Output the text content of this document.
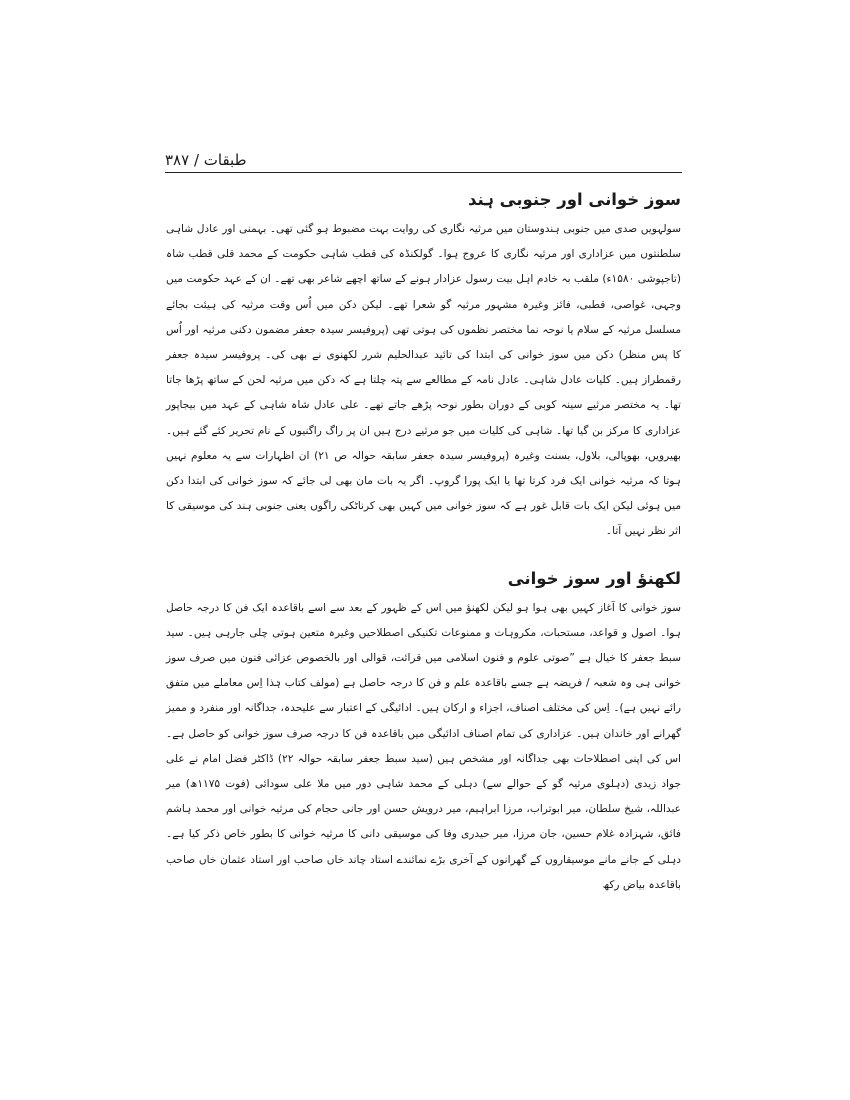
طبقات / ۳۸۷
سوز خوانی اور جنوبی ہند

سولہویں صدی میں جنوبی ہندوستان میں مرثیہ نگاری کی روایت بہت مضبوط ہو گئی تھی۔ بہمنی اور عادل شاہی سلطنتوں میں عزاداری اور مرثیہ نگاری کا عروج ہوا۔ گولکنڈہ کی قطب شاہی حکومت کے محمد قلی قطب شاہ (تاجپوشی ۱۵۸۰ء) ملقب بہ خادم اہل بیت رسول عزادار ہونے کے ساتھ اچھے شاعر بھی تھے۔ ان کے عہد حکومت میں وجہی، غواصی، قطبی، فائز وغیرہ مشہور مرثیہ گو شعرا تھے۔ لیکن دکن میں اُس وقت مرثیہ کی ہیئت بجائے مسلسل مرثیہ کے سلام یا نوحہ نما مختصر نظموں کی ہوتی تھی (پروفیسر سیدہ جعفر مضمون دکنی مرثیہ اور اُس کا پس منظر) دکن میں سوز خوانی کی ابتدا کی تائید عبدالحلیم شرر لکھنوی نے بھی کی۔ پروفیسر سیدہ جعفر رقمطراز ہیں۔ کلیات عادل شاہی۔ عادل نامہ کے مطالعے سے پتہ چلتا ہے کہ دکن میں مرثیہ لحن کے ساتھ پڑھا جاتا تھا۔ یہ مختصر مرثیے سینہ کوبی کے دوران بطور نوحہ پڑھے جاتے تھے۔ علی عادل شاہ شاہی کے عہد میں بیجاپور عزاداری کا مرکز بن گیا تھا۔ شاہی کی کلیات میں جو مرثیے درج ہیں ان پر راگ راگنیوں کے نام تحریر کئے گئے ہیں۔ بھیرویں، بھوپالی، بلاول، بسنت وغیرہ (پروفیسر سیدہ جعفر سابقہ حوالہ ص ۲۱) ان اظہارات سے یہ معلوم نہیں ہوتا کہ مرثیہ خوانی ایک فرد کرتا تھا یا ایک پورا گروپ۔ اگر یہ بات مان بھی لی جائے کہ سوز خوانی کی ابتدا دکن میں ہوئی لیکن ایک بات قابل غور ہے کہ سوز خوانی میں کہیں بھی کرناٹکی راگوں یعنی جنوبی ہند کی موسیقی کا اثر نظر نہیں آتا۔

لکھنؤ اور سوز خوانی

سوز خوانی کا آغاز کہیں بھی ہوا ہو لیکن لکھنؤ میں اس کے ظہور کے بعد سے اسے باقاعدہ ایک فن کا درجہ حاصل ہوا۔ اصول و قواعد، مستحبات، مکروہات و ممنوعات تکنیکی اصطلاحیں وغیرہ متعین ہوتی چلی جارہی ہیں۔ سید سبط جعفر کا خیال ہے ”صوتی علوم و فنون اسلامی میں قرائت، قوالی اور بالخصوص عزائی فنون میں صرف سوز خوانی ہی وہ شعبہ / فریضہ ہے جسے باقاعدہ علم و فن کا درجہ حاصل ہے (مولف کتاب ہٰذا اِس معاملے میں متفق رائے نہیں ہے)۔ اِس کی مختلف اصناف، اجزاء و ارکان ہیں۔ ادائیگی کے اعتبار سے علیحدہ، جداگانہ اور منفرد و ممیز گھرانے اور خاندان ہیں۔ عزاداری کی تمام اصناف ادائیگی میں باقاعدہ فن کا درجہ صرف سوز خوانی کو حاصل ہے۔ اس کی اپنی اصطلاحات بھی جداگانہ اور مشخص ہیں (سید سبط جعفر سابقہ حوالہ ۲۲) ڈاکٹر فضل امام نے علی جواد زیدی (دہلوی مرثیہ گو کے حوالے سے) دہلی کے محمد شاہی دور میں ملا علی سودائی (فوت ۱۱۷۵ھ) میر عبداللہ، شیخ سلطان، میر ابوتراب، مرزا ابراہیم، میر درویش حسن اور جانی حجام کی مرثیہ خوانی اور محمد ہاشم فائق، شہزادہ غلام حسین، جان مرزا، میر حیدری وفا کی موسیقی دانی کا مرثیہ خوانی کا بطور خاص ذکر کیا ہے۔ دہلی کے جانے مانے موسیقاروں کے گھرانوں کے آخری بڑے نمائندے استاد چاند خاں صاحب اور استاد عثمان خاں صاحب باقاعدہ بیاض رکھ
